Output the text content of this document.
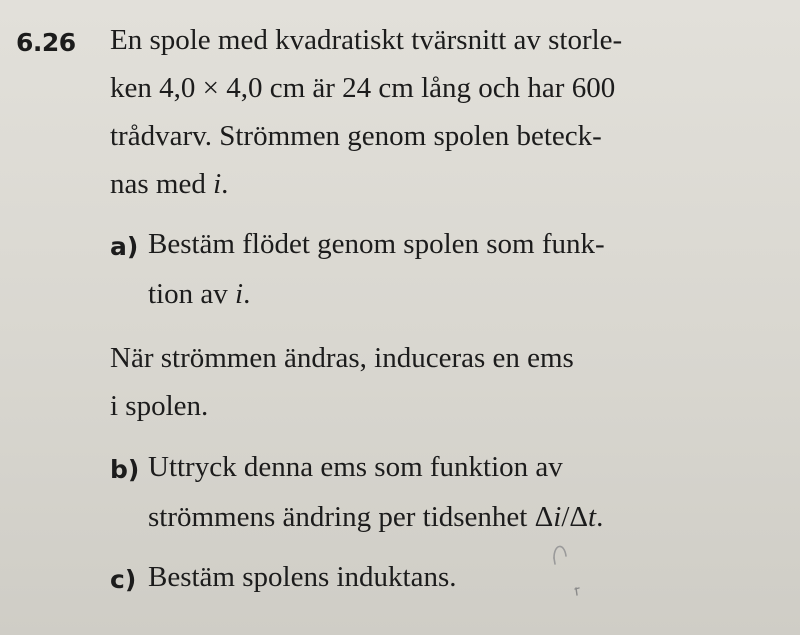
6.26 En spole med kvadratiskt tvärsnitt av storle-
ken 4,0 × 4,0 cm är 24 cm lång och har 600
trådvarv. Strömmen genom spolen beteck-
nas med i.
a) Bestäm flödet genom spolen som funk-
tion av i.
När strömmen ändras, induceras en ems
i spolen.
b) Uttryck denna ems som funktion av
strömmens ändring per tidsenhet Δi/Δt.
c) Bestäm spolens induktans.
